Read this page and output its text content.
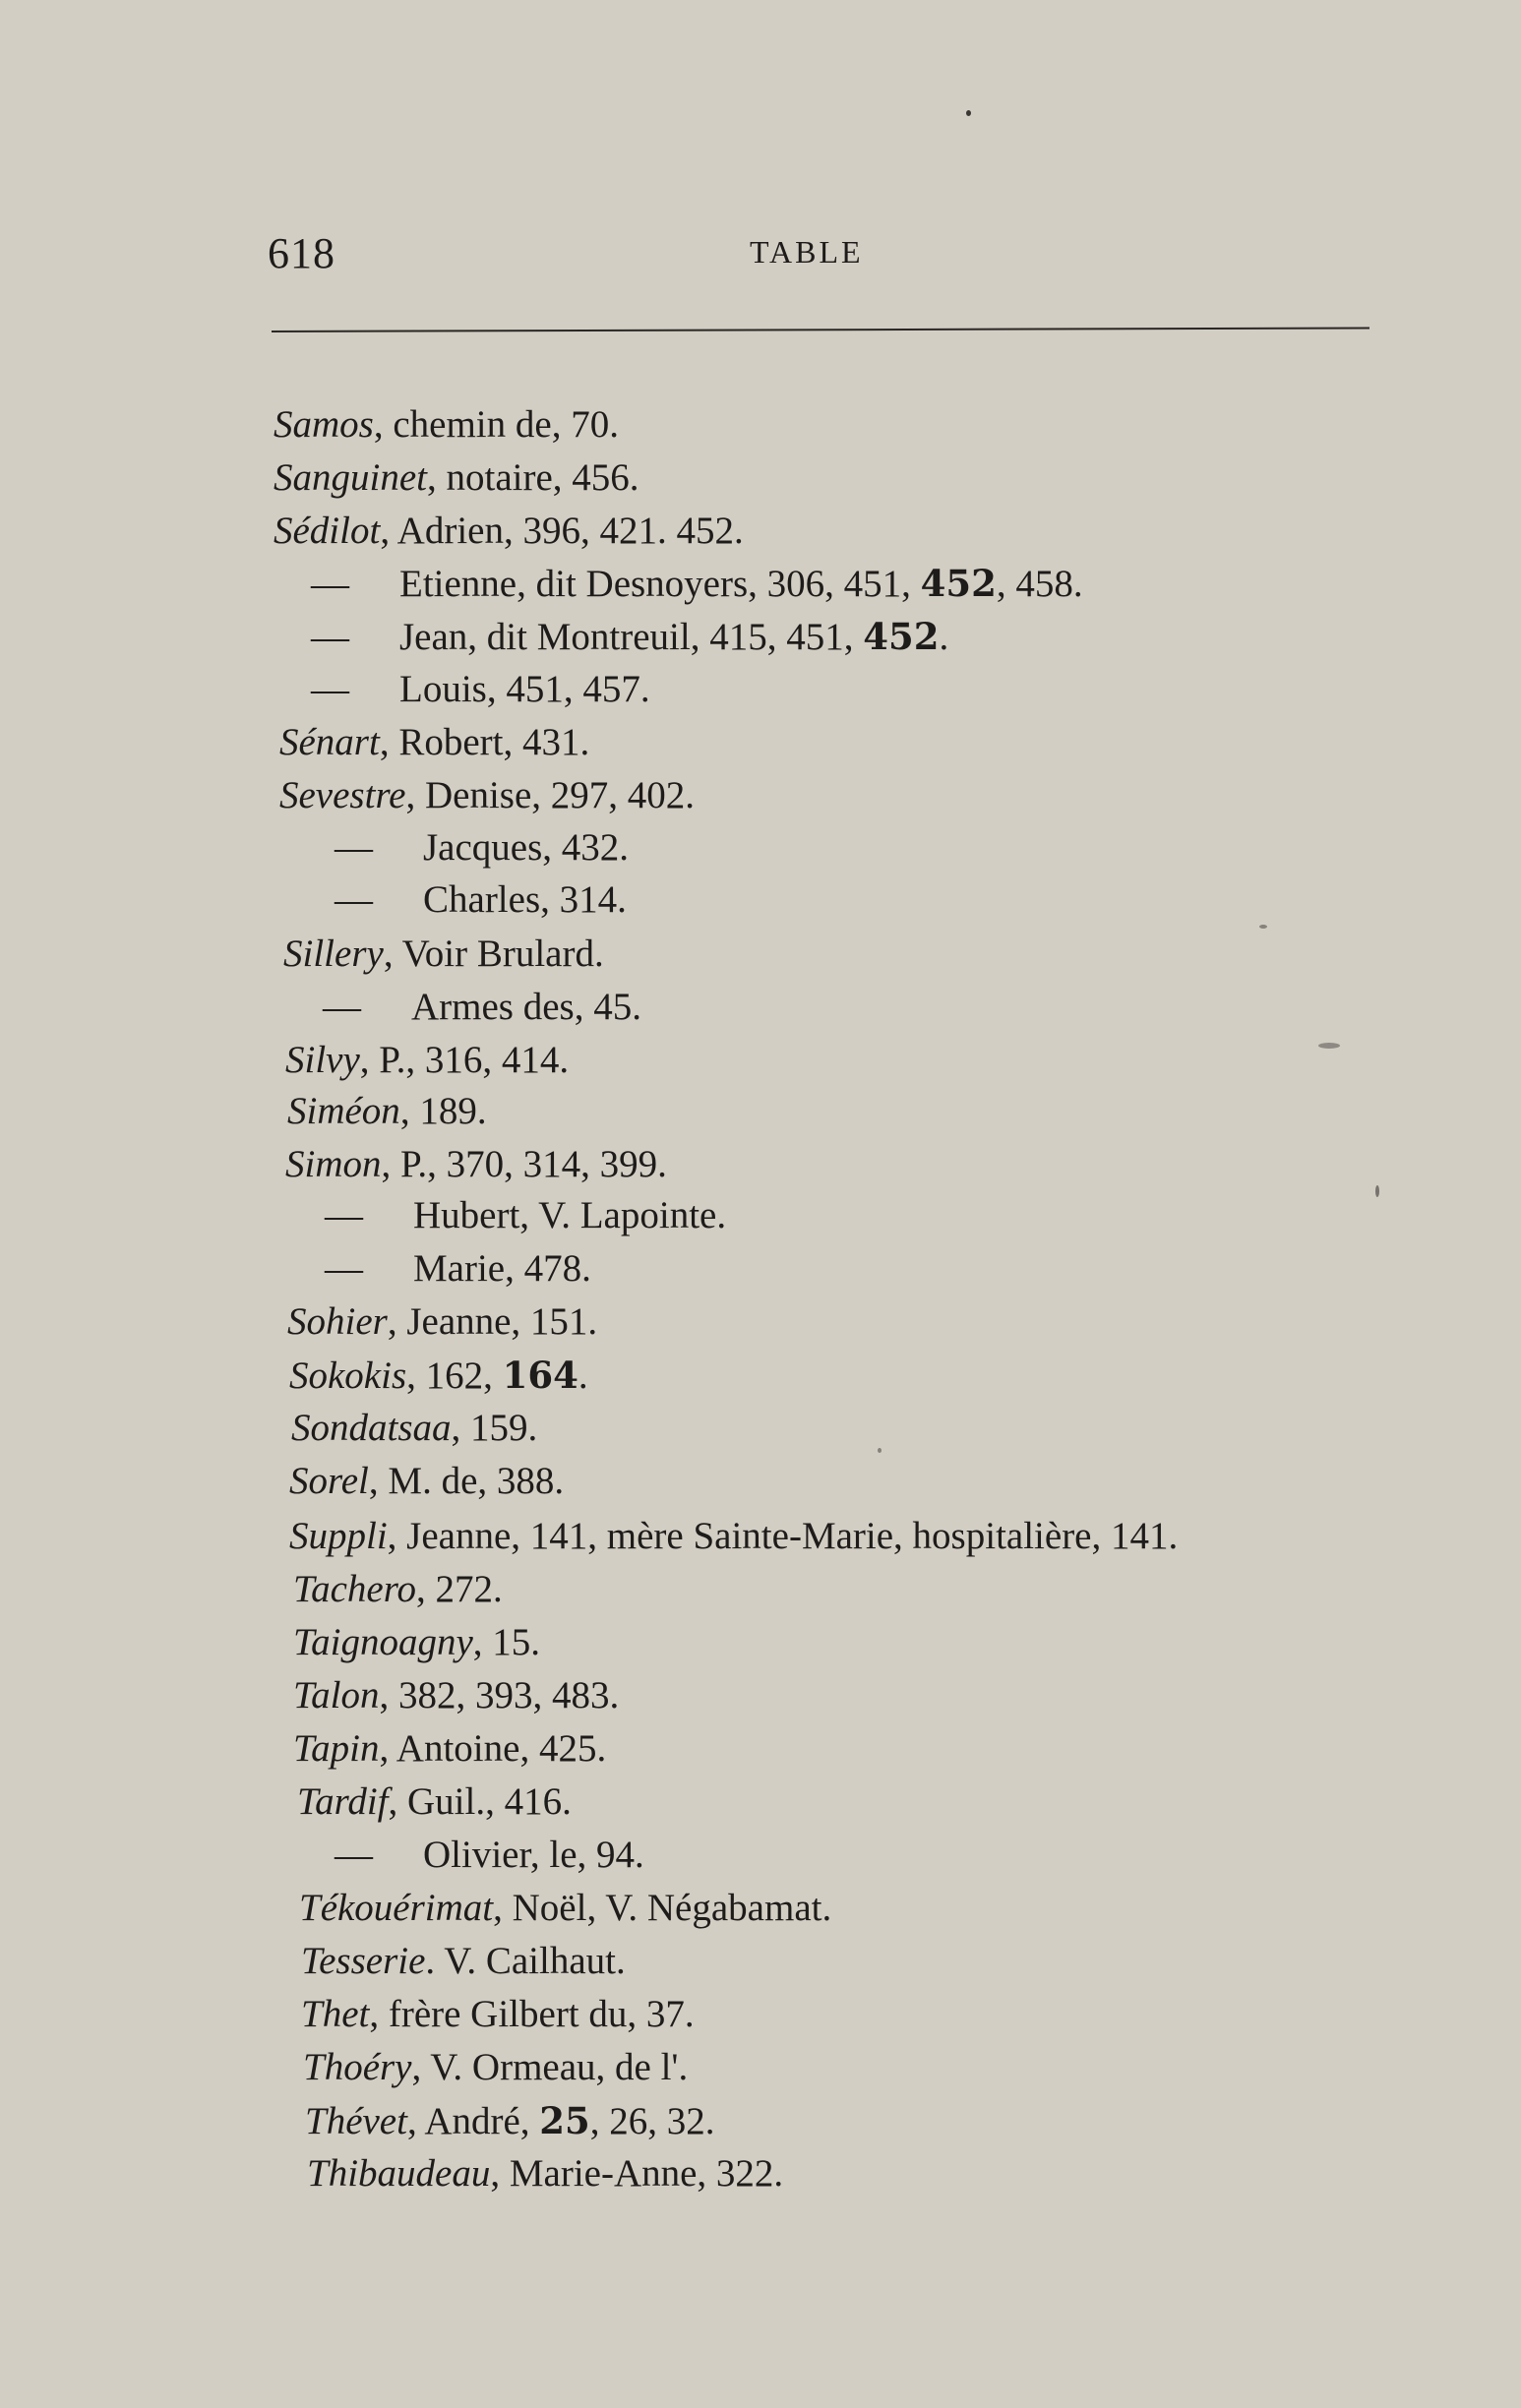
618	TABLE
Samos, chemin de, 70.
Sanguinet, notaire, 456.
Sédilot, Adrien, 396, 421. 452.
— Etienne, dit Desnoyers, 306, 451, 452, 458.
— Jean, dit Montreuil, 415, 451, 452.
— Louis, 451, 457.
Sénart, Robert, 431.
Sevestre, Denise, 297, 402.
— Jacques, 432.
— Charles, 314.
Sillery, Voir Brulard.
— Armes des, 45.
Silvy, P., 316, 414.
Siméon, 189.
Simon, P., 370, 314, 399.
— Hubert, V. Lapointe.
— Marie, 478.
Sohier, Jeanne, 151.
Sokokis, 162, 164.
Sondatsaa, 159.
Sorel, M. de, 388.
Suppli, Jeanne, 141, mère Sainte-Marie, hospitalière, 141.
Tachero, 272.
Taignoagny, 15.
Talon, 382, 393, 483.
Tapin, Antoine, 425.
Tardif, Guil., 416.
— Olivier, le, 94.
Tékouérimat, Noël, V. Négabamat.
Tesserie. V. Cailhaut.
Thet, frère Gilbert du, 37.
Thoéry, V. Ormeau, de l'.
Thévet, André, 25, 26, 32.
Thibaudeau, Marie-Anne, 322.
